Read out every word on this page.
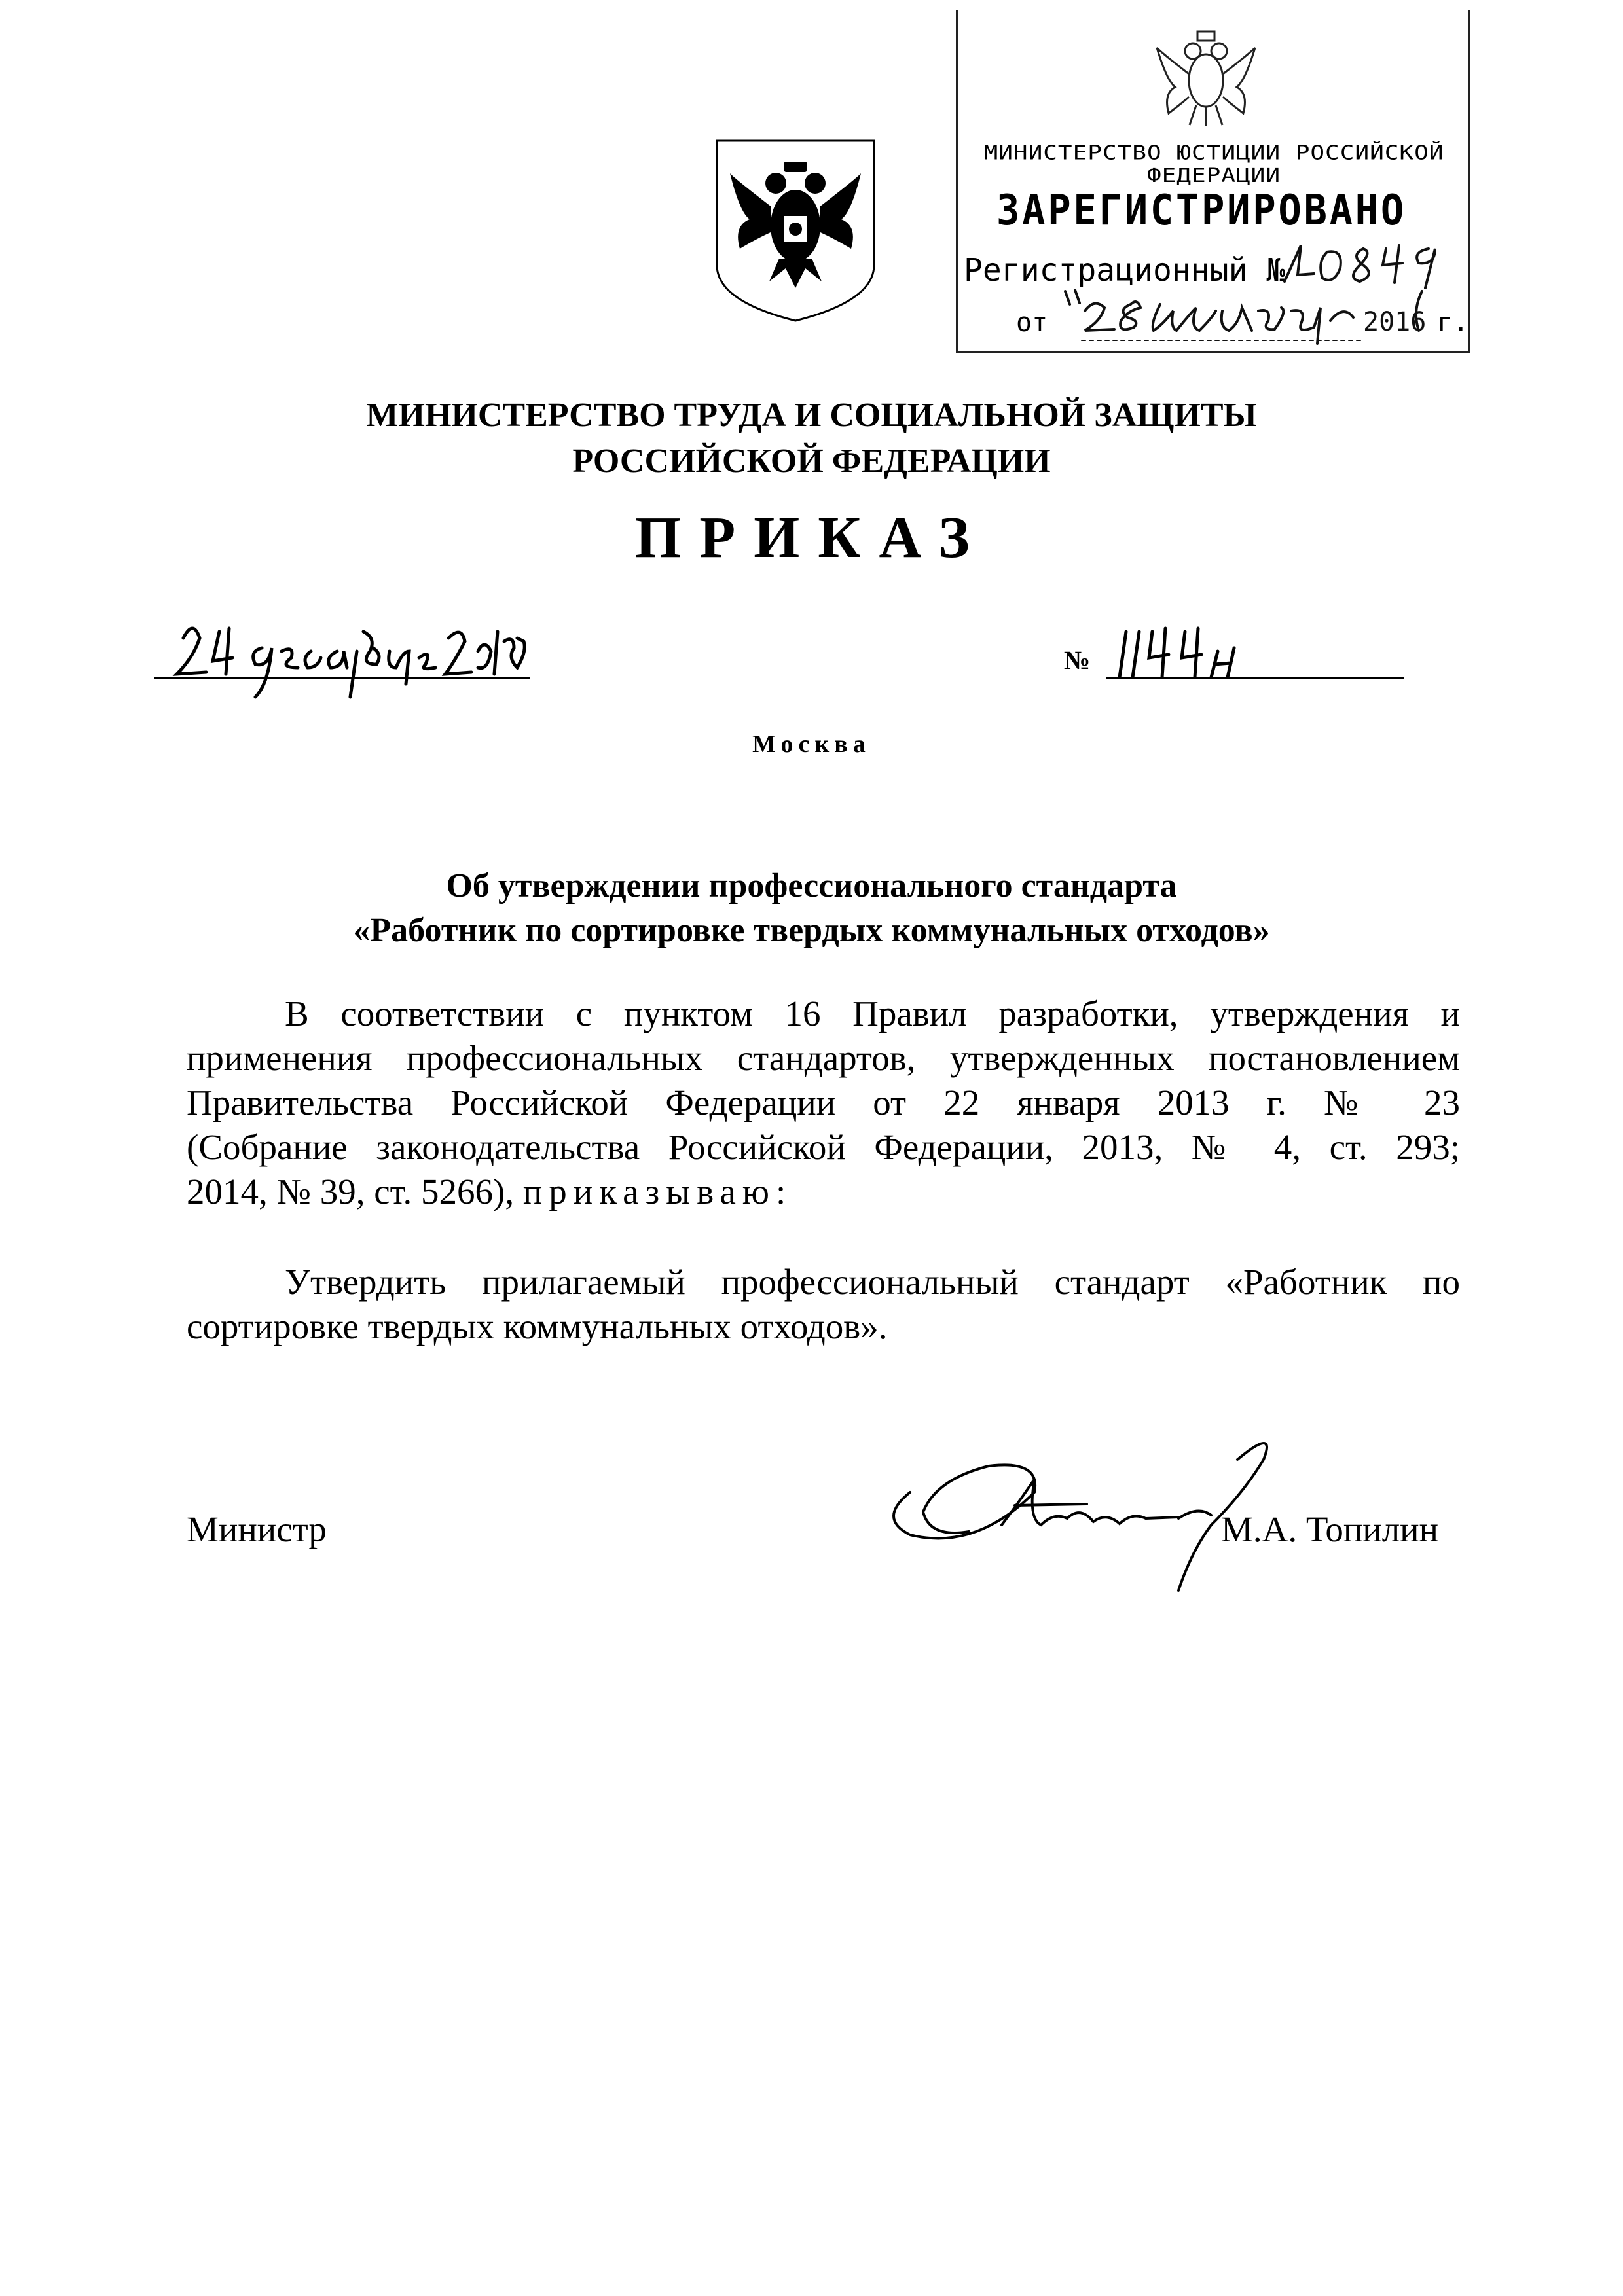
МИНИСТЕРСТВО ЮСТИЦИИ РОССИЙСКОЙ ФЕДЕРАЦИИ
ЗАРЕГИСТРИРОВАНО
Регистрационный №
от	2016 г.
МИНИСТЕРСТВО ТРУДА И СОЦИАЛЬНОЙ ЗАЩИТЫ
РОССИЙСКОЙ ФЕДЕРАЦИИ
ПРИКАЗ
№
Москва
Об утверждении профессионального стандарта
«Работник по сортировке твердых коммунальных отходов»
В соответствии с пунктом 16 Правил разработки, утверждения и
применения профессиональных стандартов, утвержденных постановлением
Правительства Российской Федерации от 22 января 2013 г. № 23
(Собрание законодательства Российской Федерации, 2013, № 4, ст. 293;
2014, № 39, ст. 5266), приказываю:
Утвердить прилагаемый профессиональный стандарт «Работник по
сортировке твердых коммунальных отходов».
Министр	М.А. Топилин
